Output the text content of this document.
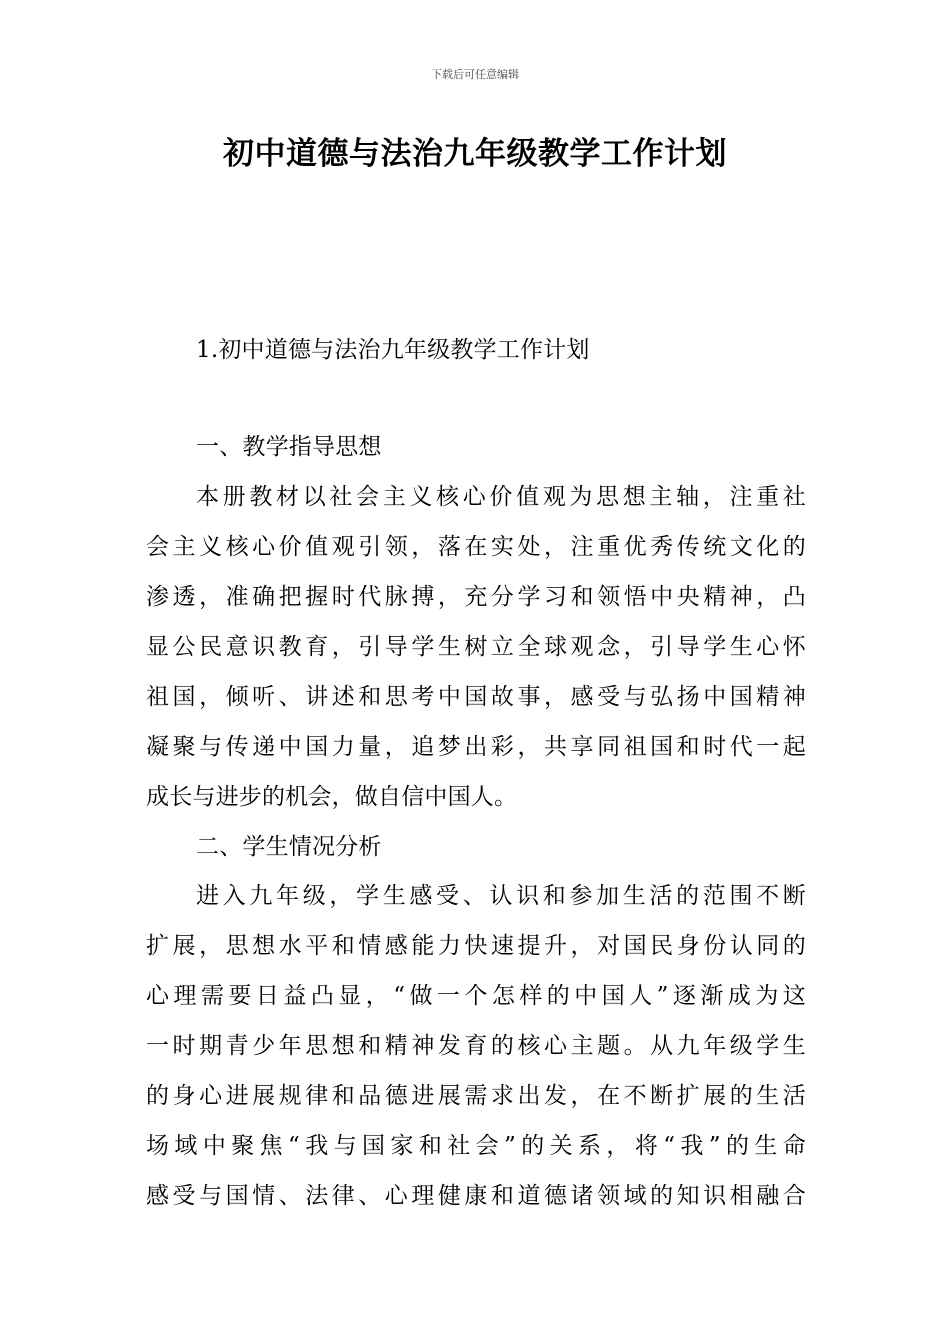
下载后可任意编辑
初中道德与法治九年级教学工作计划
1.初中道德与法治九年级教学工作计划
一、教学指导思想
本册教材以社会主义核心价值观为思想主轴，注重社
会主义核心价值观引领，落在实处，注重优秀传统文化的
渗透，准确把握时代脉搏，充分学习和领悟中央精神，凸
显公民意识教育，引导学生树立全球观念，引导学生心怀
祖国，倾听、讲述和思考中国故事，感受与弘扬中国精神
凝聚与传递中国力量，追梦出彩，共享同祖国和时代一起
成长与进步的机会，做自信中国人。
二、学生情况分析
进入九年级，学生感受、认识和参加生活的范围不断
扩展，思想水平和情感能力快速提升，对国民身份认同的
心理需要日益凸显，“做一个怎样的中国人”逐渐成为这
一时期青少年思想和精神发育的核心主题。从九年级学生
的身心进展规律和品德进展需求出发，在不断扩展的生活
场域中聚焦“我与国家和社会”的关系，将“我”的生命
感受与国情、法律、心理健康和道德诸领域的知识相融合
